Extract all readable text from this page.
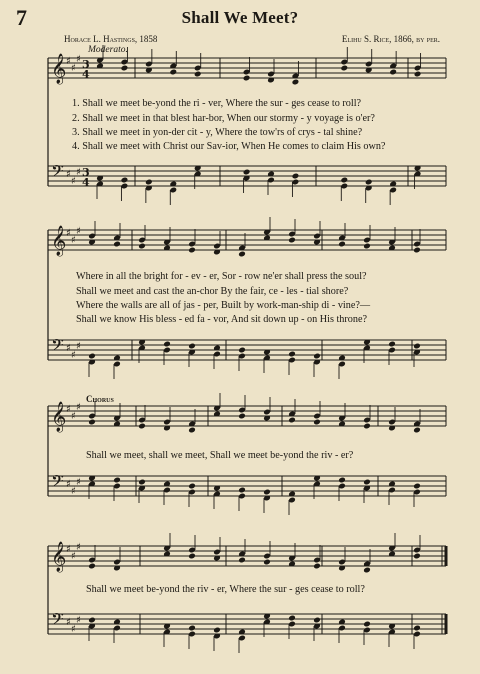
7	Shall We Meet?
Horace L. Hastings, 1858	Elihu S. Rice, 1866, by per.
Moderato.
Chorus
1. Shall we meet be-yond the ri - ver, Where the sur - ges cease to roll?
2. Shall we meet in that blest har-bor, When our stormy - y voyage is o'er?
3. Shall we meet in yon-der cit - y, Where the tow'rs of crys - tal shine?
4. Shall we meet with Christ our Sav-ior, When He comes to claim His own?
Where in all the bright for - ev - er, Sor - row ne'er shall press the soul?
Shall we meet and cast the an-chor By the fair, ce - les - tial shore?
Where the walls are all of jas - per, Built by work-man-ship di - vine?—
Shall we know His bless - ed fa - vor, And sit down up - on His throne?
Shall we meet, shall we meet, Shall we meet be-yond the riv - er?
Shall we meet be-yond the riv - er, Where the sur - ges cease to roll?
𝄞 ♯
♯
♯ 3
4
𝄢 ♯
♯
♯ 3
4
𝄞 ♯
♯
♯
𝄢 ♯
♯
♯
𝄞 ♯
♯
♯
𝄢 ♯
♯
♯
𝄞 ♯
♯
♯
𝄢 ♯
♯
♯
